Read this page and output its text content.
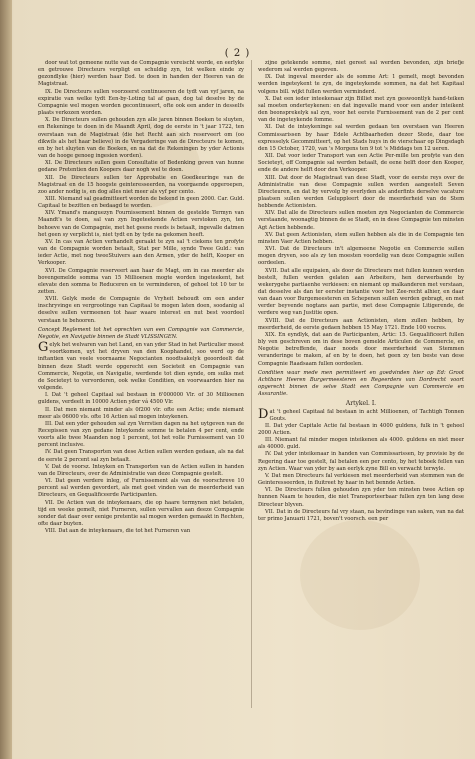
( 2 )

door wat tot gemeene nutte van de Compagnie vereischt worde, en eerlyke en getrouwe Directeurs verpligt en schuldig zyn, tot welken einde zy gezondlyke (hier) werden haar Eed. te doen in handen der Heeren van de Magistraat.

IX. De Directeurs sullen voorzeerst continueeren de tydt van vyf jaren, na expiratie van welke tydt Een-by-Loting tal af gaan, dog tal deselve by de Compagnie wel mogen worden gecontinueert, ofte ook een ander in desselfs plaats verkozen worden.

X. De Directeurs sullen gehouden zyn alle jaren binnen Boeken te sluyten, en Rekeninge te doen in de Maandt April, dog de eerste in 't jaar 1722, ten overstaan van de Magistraat (die het Recht aan sich reserveert om (oo dikwils als het haar believe) in de Vergaderinge van de Directeurs te komen, en by het sluyten van de Boeken, en na dat de Rekeningen by yder Actionis van de hooge genoeg ingesien worden).

XI. De Directeurs sullen geen Consultatie of Bedenking geven van hunne gedane Pretentien den Koopers daar nogh wel te doen.

XII. De Directeurs sullen ter Approbatie en Goedkeuringe van de Magistraat en de 15 hoogste geinteresseerden, na voorgaende opgeroepen, zoo ander nodig is, en dog alles niet meer als vyf per cento.

XIII. Niemand sal geadmitteert worden de bekend in geen 2000. Car. Guld. Capitaal te bezitten en bedaagd te worden.

XIV. Ymand's manguezyn Fournissement binnen de gestelde Termyn van Maandt's te doen, sal van zyn Ingeteekende Actien verstoken zyn, ten behoeve van de Compagnie, met het geene reeds is betaalt, ingevalle datmen het geen sy verplicht is, niet tydt en by tyde na gekomen heeft.

XV. In cas van Actien verhandelt geraakt te zyn sal 't ciekens ten profyte van de Compagnie worden betaalt, Stat per Mille, synde Twee Guld.: van ieder Actie, met nog tweeStuivers aan den Armen, yder de helft, Kooper en Verkooper.

XVI. De Compagnie reserveert aan haar de Magt, om in cas meerder als bovengemelde somma van 15 Millioenen mogte worden ingeteekent, het elevate den somma te Reduceren en te verminderen, of gehoel tot 10 ter te zetten.

XVII. Gelyk mede de Compagnie de Vryheit behoudt om een ander inschryvinge en vergrootinge van Capitaal te mogen laten doen, soodanig al deselve sullen vermeenen tot haar waare interest en nut best voordeel verstaan te behooren.

Concept Reglement tot het oprechten van een Compagnie van Commercie, Negotie, en Navigatie binnen de Stadt VLISSINGEN.

Gelyk het welvaren van het Land, en van yder Stad in het Particulier meest voortkomen, uyt het dryven van den Koophandel, soo werd op de inftantien van veele voornaame Negocianten noodtsakelyk geoordeelt dat binnen deze Stadt werde opgerecht een Societeit en Compagnie van Commercie, Negotie, en Navigatie, werdende tot dien eynde, om sulks met de Societeyt to vervorderen, ook welke Conditien, en voorwaarden hier na volgende.

I. Dat 't geheel Capitaal sal bestaan in 6'000000 Vlr. of 30 Millioenen guldens, verdeelt in 10000 Actien yder vá 4500 Vlr.

II. Dat men niemant minder als 0f200 vlr. ofte een Actie; ende niemant meer als 06000 vls. ofte 16 Actien sal mogen inteykenen.

III. Dat een yder gehouden sal zyn Verrstien dagen na het uytgeven van de Recepissen van zyn gedane Inteykende somme te betalen 4 per cent, ende voorts alle twee Maanden nog 1 percent, tot het volle Furnissement van 10 percent inclusive.

IV. Dat geen Transporten van dese Actien sullen werden gedaan, als na dat de eerste 2 percent sal zyn betaalt.

V. Dat de voorsz. Inteyken en Transporten van de Actien sullen in handen van de Directeurs, over de Administratie van deze Compagnie gestelt.

VI. Dat geen verdere inleg, of Furnissement als van de voorschreve 10 percent sal werden gevordert, als met goet vinden van de meerderheid van Directeurs, en Gequalificeerde Participanten.

VII. De Actien van de inteykenaars, die op haare termynen niet betalen, tijd en weeke gemelt, niet Furneren, sullen vervallen aan deeze Compagnie sonder dat daar over eenige pretentie sal mogen werden gemaakt in Rechten, ofte daar buyten.

VIII. Dat aan de inteykenaars, die tot het Furneren van

zijne getekende somme, niet gereet sal werden bevonden, zijn briefje wederom sal werden gegeven.

IX. Dat ingeval meerder als de somme Art: 1 gemelt, mogt bevonden werden ingeteykent te zyn, de ingeteykende sommen, na dat het Kapitaal volgens bill. wijkt fullen werden verminderd.

X. Dat een ieder inteekenaar zijn Billiet met zyn geswoontlyk hand-teiken sal moeten onderteykenen: en dat ingevalle mand voor een ander inteikent den beonsprekelyk sal zyn, voor het eerste Furnissement van de 2 per cent van de ingeteykende fomme.

XI. Dat de inteykeninge sal werden gedaan ten overstaen van Heeren Commissarissen by haar Edele Achtbaarheden dezer Stede, daar toe expresselyk Gecommitteert, op het Stads huys in de vierschaar op Dingsdagh den 15 October, 1720, van 's Morgens ten 9 tot 's Middags ten 12 ueren.

XII. Dat voor ieder Transport van een Actie Per-mille ten profyte van den Societeyt, off Compagnie sal werden betaalt, de eene helft door den Kooper, ende de andere helft door den Verkooper.

XIII. Dat door de Magistraat van dese Stadt, voor de eerste reys over de Administratie van dese Compagnie sullen werden aangestelt Seven Directeuren, en dat by vervolg by overlyden als anderfints derselve vacature plaatsen sullen werden Geluppleert door de meerderheid van de Stem hebbende Actionisten.

XIV. Dat alle de Directeurs sullen moeten zyn Negocianten de Commercie verstaande, woonagtig binnen de se Stadt, en in dese Compagnie ten minsten Agt Actien hebbende.

XV. Dat geen Actionisten, stem sullen hebben als die in de Compagnie ten minsten Vaer Actien hebben.

XVI. Dat de Directeurs in't algemeene Negotie en Commercie sullen mogen dryven, soo als zy ten moesten voordelig van deze Compagnie sullen oordeelen.

XVII. Dat alle equipaien, als door de Directeurs met fullen kunnen werden bestelt, fullen werden gelaten aan Arbeiters, hen derwerbande by wekerygehe partiaenhe verkiesen: en niemant op malkanderen met verstaan, dat desselve als dan ter eerster instantie voor het Zee-recht alhier, en daar van daan voor Burgemeesteren en Schepenen sullen werden gebragt, en met verder beyvende nogtans aan partie, met dese Compagnie Litigerende, de verdere weg van Justitie open.

XVIII. Dat de Directeurs aan Actionisten, stem zullen hebben, by meerderheid, de eerste gedaen hebben 15 May 1721. Ende 100 vocres.

XIX. En eyndlyk, dat aan de Participanten, Artic: 15. Gequalificeert fullen bly ven geschreven om in dese boven gemelde Articulen de Commercie, en Negotie betreffende, daar noods door meerderheid van Stemmen veranderinge te maken, af en by te doen, het geen zy ten beste van dese Compagnie Raadsaam fullen oordeelen.

Conditien waar mede men permitteert en goedvinden hier op Ed: Groot Achtbare Heeren Burgermeesteren en Regeerders van Dordrecht voort opgerecht binnen de selve Stadt een Compagnie van Commercie en Assurantie.

Artykel. I.

Dat 't geheel Capitaal fal bestaan in acht Millioenen, of Tachtigh Tonnen Gouts.

II. Dat yder Capitale Actie fal bestaan in 4000 guldens, fulk in 't geheel 2000 Actien.

III. Niemant fal minder mogen inteikenen als 4000. guldens en niet meer als 40000. guld.

IV. Dat yder inteikenaar in handen van Commissarissen, by provisie by de Regering daar toe gestelt, fal betalen een per cento, by het teboek fellen van zyn Actien. Waar van yder by aan eerlyk zyne Bill en verwacht terwyle.

V. Dat men Directeurs fal verkiesen met meerderheid van stemmen van de Geinteresseerden, in fluitreet hy haar in het bennde Actien.

VI. De Directeurs fullen gehouden zyn yder ten minsten twee Actien op hunnen Naam te houden, die niet Transporteerbaar fullen zyn ten lang dese Directeur blyven.

VII. Dat in de Directeurs fal vry staan, na bevindinge van saken, van na dat ter primo Januarii 1721, boven't voorsch. een per
